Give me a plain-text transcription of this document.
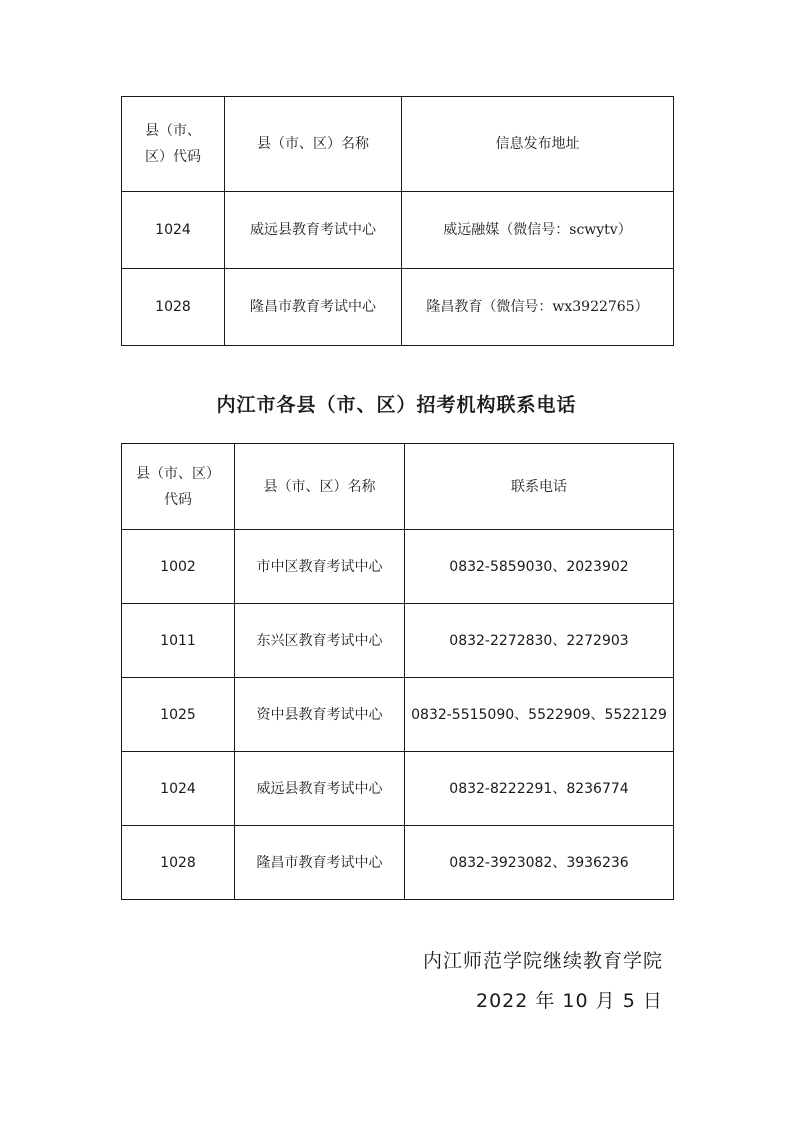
县（市、
区）代码	县（市、区）名称	信息发布地址
1024	威远县教育考试中心	威远融媒（微信号：scwytv）
1028	隆昌市教育考试中心	隆昌教育（微信号：wx3922765）
内江市各县（市、区）招考机构联系电话
县（市、区）
代码	县（市、区）名称	联系电话
1002	市中区教育考试中心	0832-5859030、2023902
1011	东兴区教育考试中心	0832-2272830、2272903
1025	资中县教育考试中心	0832-5515090、5522909、5522129
1024	威远县教育考试中心	0832-8222291、8236774
1028	隆昌市教育考试中心	0832-3923082、3936236
内江师范学院继续教育学院
2022 年 10 月 5 日
